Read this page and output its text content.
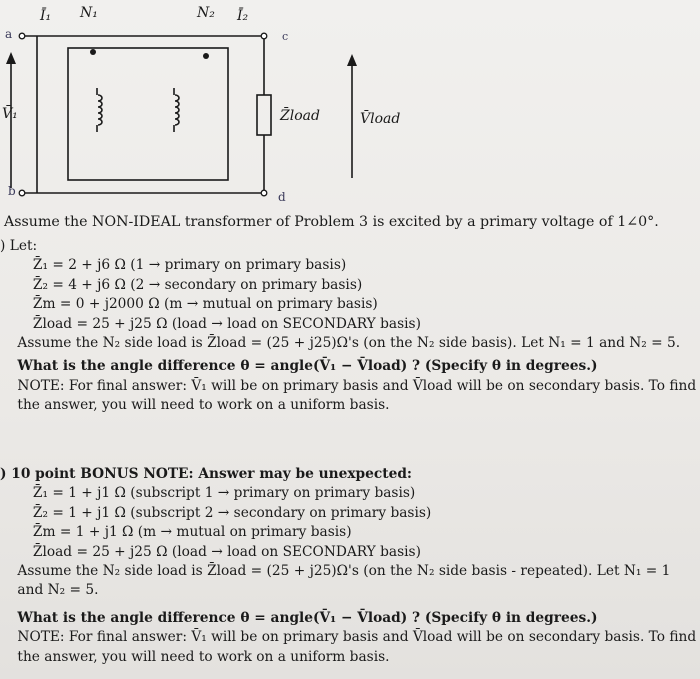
Ī₁ N₁	N₂ Ī₂
V̄₁	Z̄load	V̄load
a
b
c
d
Assume the NON-IDEAL transformer of Problem 3 is excited by a primary voltage of 1∠0°.
) Let:
Z̄₁ = 2 + j6 Ω (1 → primary on primary basis)
Z̄₂ = 4 + j6 Ω (2 → secondary on primary basis)
Z̄m = 0 + j2000 Ω (m → mutual on primary basis)
Z̄load = 25 + j25 Ω (load → load on SECONDARY basis)
Assume the N₂ side load is Z̄load = (25 + j25)Ω's (on the N₂ side basis). Let N₁ = 1 and N₂ = 5.
What is the angle difference θ = angle(V̄₁ − V̄load) ? (Specify θ in degrees.)
NOTE: For final answer: V̄₁ will be on primary basis and V̄load will be on secondary basis. To find
the answer, you will need to work on a uniform basis.
) 10 point BONUS NOTE: Answer may be unexpected:
Z̄₁ = 1 + j1 Ω (subscript 1 → primary on primary basis)
Z̄₂ = 1 + j1 Ω (subscript 2 → secondary on primary basis)
Z̄m = 1 + j1 Ω (m → mutual on primary basis)
Z̄load = 25 + j25 Ω (load → load on SECONDARY basis)
Assume the N₂ side load is Z̄load = (25 + j25)Ω's (on the N₂ side basis - repeated). Let N₁ = 1
and N₂ = 5.
What is the angle difference θ = angle(V̄₁ − V̄load) ? (Specify θ in degrees.)
NOTE: For final answer: V̄₁ will be on primary basis and V̄load will be on secondary basis. To find
the answer, you will need to work on a uniform basis.
